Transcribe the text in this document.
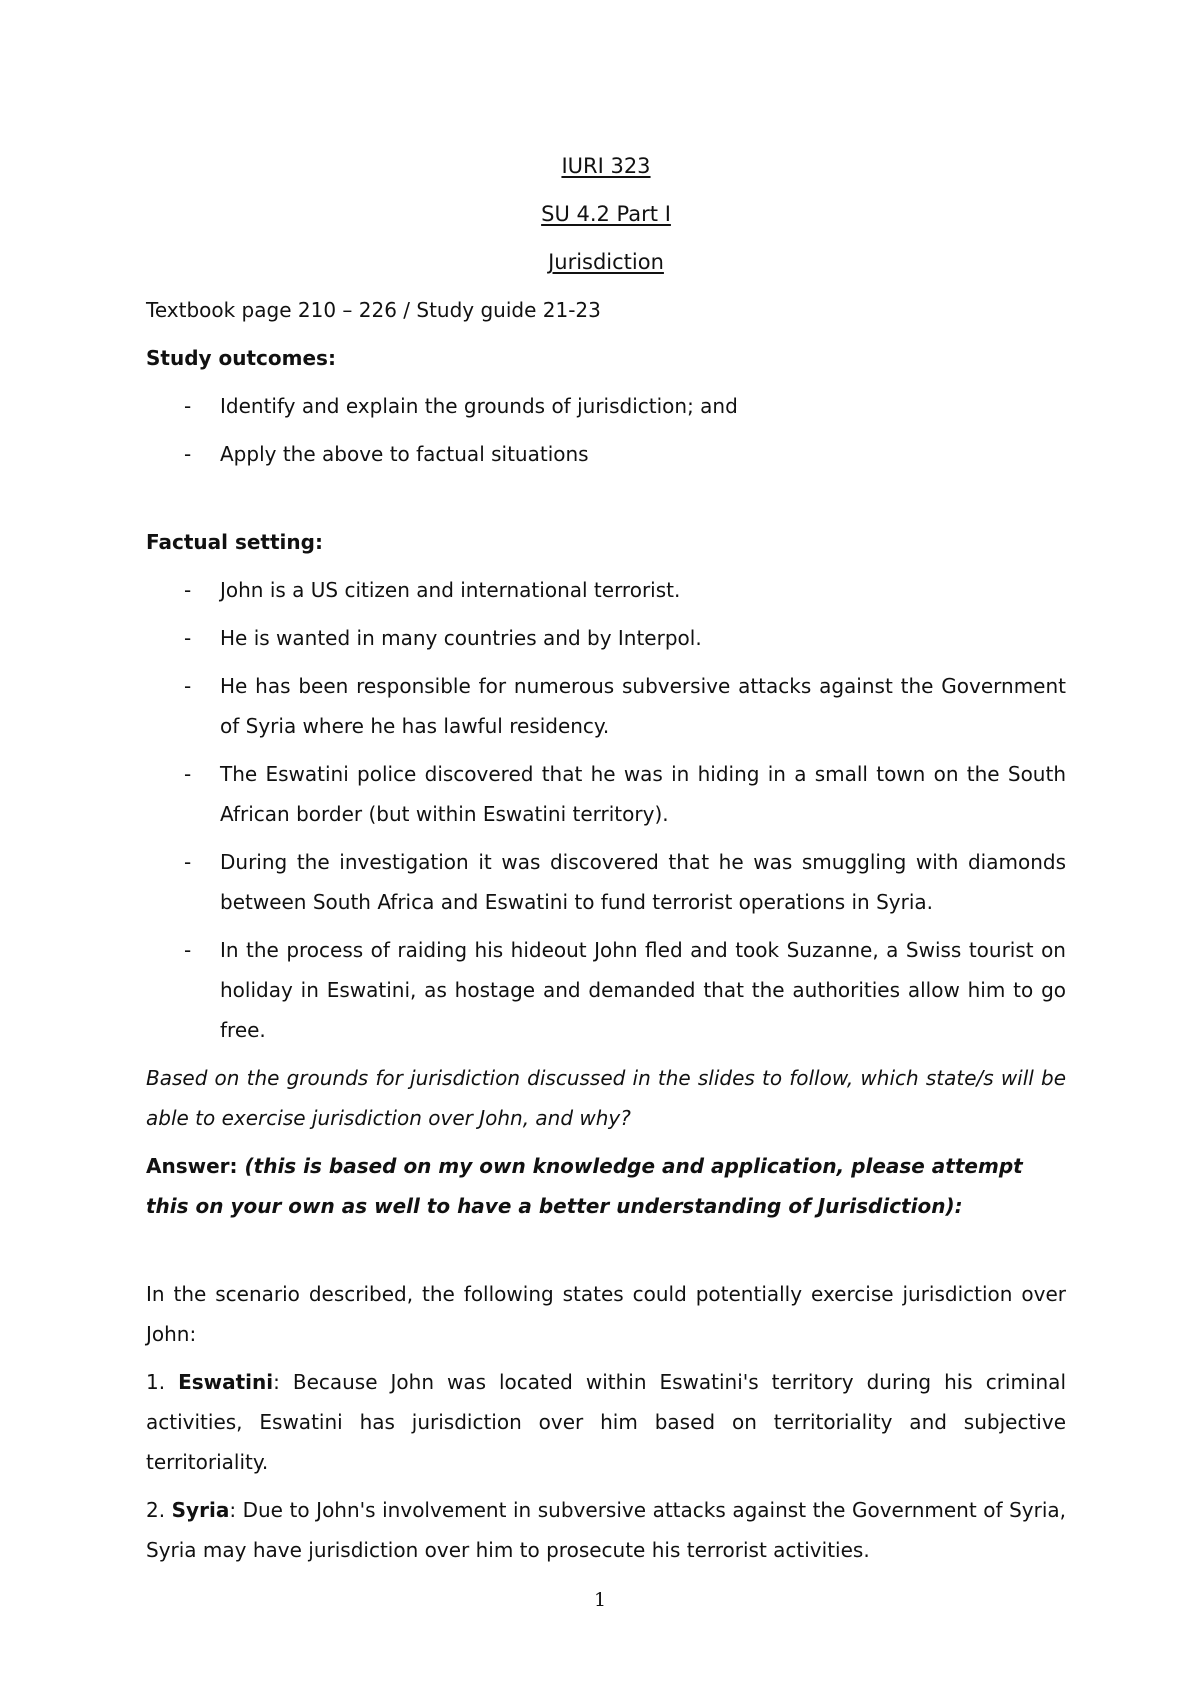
IURI 323
SU 4.2 Part I
Jurisdiction
Textbook page 210 – 226 / Study guide 21-23
Study outcomes:
- Identify and explain the grounds of jurisdiction; and
- Apply the above to factual situations
Factual setting:
- John is a US citizen and international terrorist.
- He is wanted in many countries and by Interpol.
- He has been responsible for numerous subversive attacks against the Government of Syria where he has lawful residency.
- The Eswatini police discovered that he was in hiding in a small town on the South African border (but within Eswatini territory).
- During the investigation it was discovered that he was smuggling with diamonds between South Africa and Eswatini to fund terrorist operations in Syria.
- In the process of raiding his hideout John fled and took Suzanne, a Swiss tourist on holiday in Eswatini, as hostage and demanded that the authorities allow him to go free.
Based on the grounds for jurisdiction discussed in the slides to follow, which state/s will be able to exercise jurisdiction over John, and why?
Answer: (this is based on my own knowledge and application, please attempt this on your own as well to have a better understanding of Jurisdiction):
In the scenario described, the following states could potentially exercise jurisdiction over John:
1. Eswatini: Because John was located within Eswatini's territory during his criminal activities, Eswatini has jurisdiction over him based on territoriality and subjective territoriality.
2. Syria: Due to John's involvement in subversive attacks against the Government of Syria, Syria may have jurisdiction over him to prosecute his terrorist activities.
1
